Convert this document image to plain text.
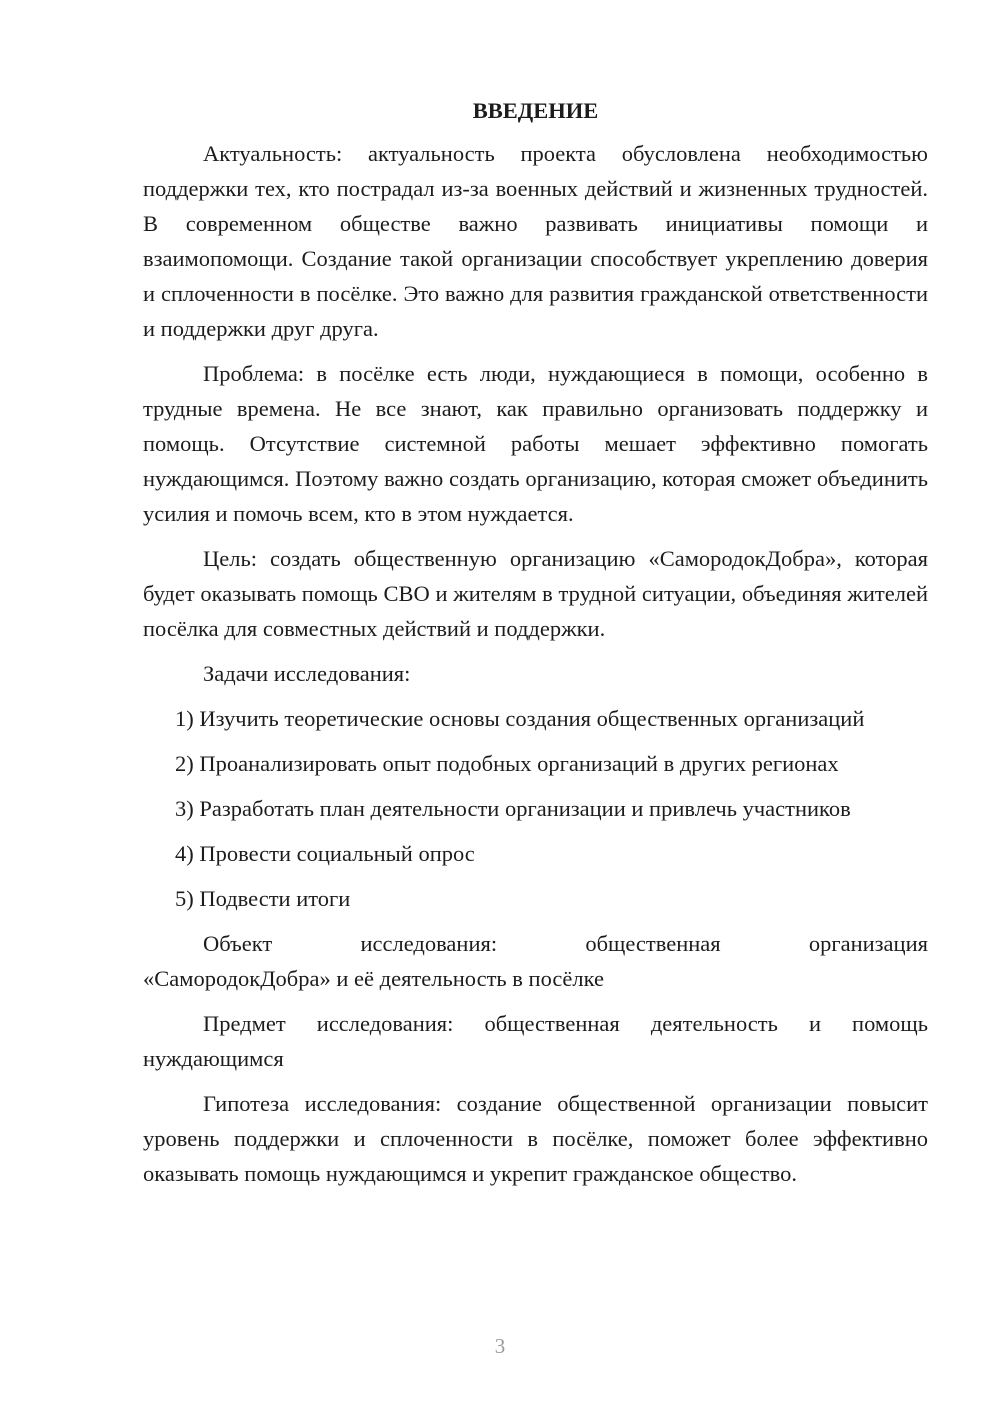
ВВЕДЕНИЕ

Актуальность: актуальность проекта обусловлена необходимостью поддержки тех, кто пострадал из-за военных действий и жизненных трудностей. В современном обществе важно развивать инициативы помощи и взаимопомощи. Создание такой организации способствует укреплению доверия и сплоченности в посёлке. Это важно для развития гражданской ответственности и поддержки друг друга.

Проблема: в посёлке есть люди, нуждающиеся в помощи, особенно в трудные времена. Не все знают, как правильно организовать поддержку и помощь. Отсутствие системной работы мешает эффективно помогать нуждающимся. Поэтому важно создать организацию, которая сможет объединить усилия и помочь всем, кто в этом нуждается.

Цель: создать общественную организацию «СамородокДобра», которая будет оказывать помощь СВО и жителям в трудной ситуации, объединяя жителей посёлка для совместных действий и поддержки.

Задачи исследования:

1) Изучить теоретические основы создания общественных организаций

2) Проанализировать опыт подобных организаций в других регионах

3) Разработать план деятельности организации и привлечь участников

4) Провести социальный опрос

5) Подвести итоги

Объект	исследования:	общественная	организация
«СамородокДобра» и её деятельность в посёлке

Предмет исследования: общественная деятельность и помощь нуждающимся

Гипотеза исследования: создание общественной организации повысит уровень поддержки и сплоченности в посёлке, поможет более эффективно оказывать помощь нуждающимся и укрепит гражданское общество.

3
